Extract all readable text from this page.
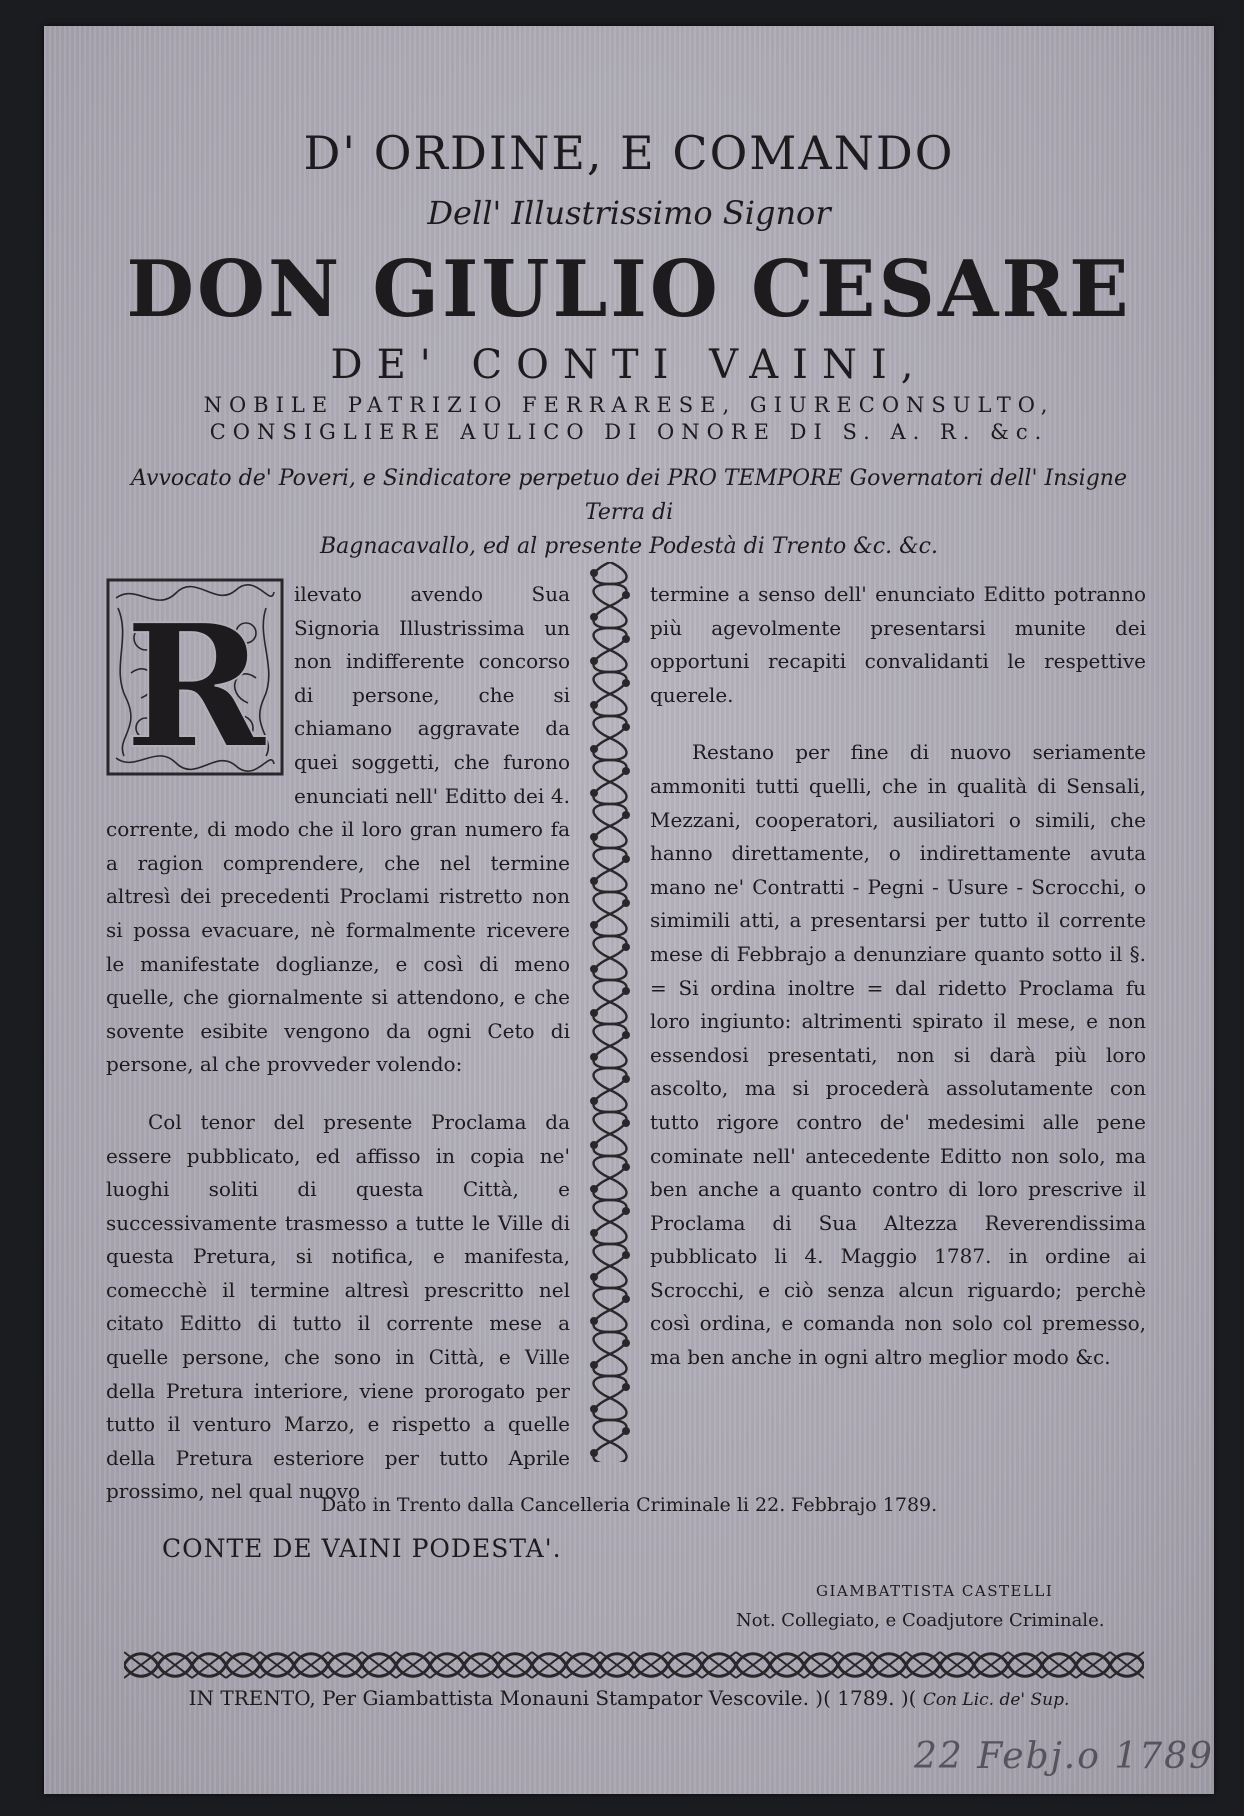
D' ORDINE, E COMANDO
Dell' Illustrissimo Signor
DON GIULIO CESARE
DE' CONTI VAINI,
NOBILE PATRIZIO FERRARESE, GIURECONSULTO,
CONSIGLIERE AULICO DI ONORE DI S. A. R. &c.
Avvocato de' Poveri, e Sindicatore perpetuo dei PRO TEMPORE Governatori dell' Insigne Terra di
Bagnacavallo, ed al presente Podestà di Trento &c. &c.
R	ilevato avendo Sua Signoria Illustrissima un non indifferente concorso di persone, che si chiamano aggravate da quei soggetti, che furono enunciati nell' Editto dei 4. corrente, di modo che il loro gran numero fa a ragion comprendere, che nel termine altresì dei precedenti Proclami ristretto non si possa evacuare, nè formalmente ricevere le manifestate doglianze, e così di meno quelle, che giornalmente si attendono, e che sovente esibite vengono da ogni Ceto di persone, al che provveder volendo:

Col tenor del presente Proclama da essere pubblicato, ed affisso in copia ne' luoghi soliti di questa Città, e successivamente trasmesso a tutte le Ville di questa Pretura, si notifica, e manifesta, comecchè il termine altresì prescritto nel citato Editto di tutto il corrente mese a quelle persone, che sono in Città, e Ville della Pretura interiore, viene prorogato per tutto il venturo Marzo, e rispetto a quelle della Pretura esteriore per tutto Aprile prossimo, nel qual nuovo

termine a senso dell' enunciato Editto potranno più agevolmente presentarsi munite dei opportuni recapiti convalidanti le respettive querele.

Restano per fine di nuovo seriamente ammoniti tutti quelli, che in qualità di Sensali, Mezzani, cooperatori, ausiliatori o simili, che hanno direttamente, o indirettamente avuta mano ne' Contratti - Pegni - Usure - Scrocchi, o simimili atti, a presentarsi per tutto il corrente mese di Febbrajo a denunziare quanto sotto il §. = Si ordina inoltre = dal ridetto Proclama fu loro ingiunto: altrimenti spirato il mese, e non essendosi presentati, non si darà più loro ascolto, ma si procederà assolutamente con tutto rigore contro de' medesimi alle pene cominate nell' antecedente Editto non solo, ma ben anche a quanto contro di loro prescrive il Proclama di Sua Altezza Reverendissima pubblicato li 4. Maggio 1787. in ordine ai Scrocchi, e ciò senza alcun riguardo; perchè così ordina, e comanda non solo col premesso, ma ben anche in ogni altro meglior modo &c.

Dato in Trento dalla Cancelleria Criminale li 22. Febbrajo 1789.
CONTE DE VAINI PODESTA'.
GIAMBATTISTA CASTELLI
Not. Collegiato, e Coadjutore Criminale.
IN TRENTO, Per Giambattista Monauni Stampator Vescovile. )( 1789. )( Con Lic. de' Sup.
22 Febj.o 1789
